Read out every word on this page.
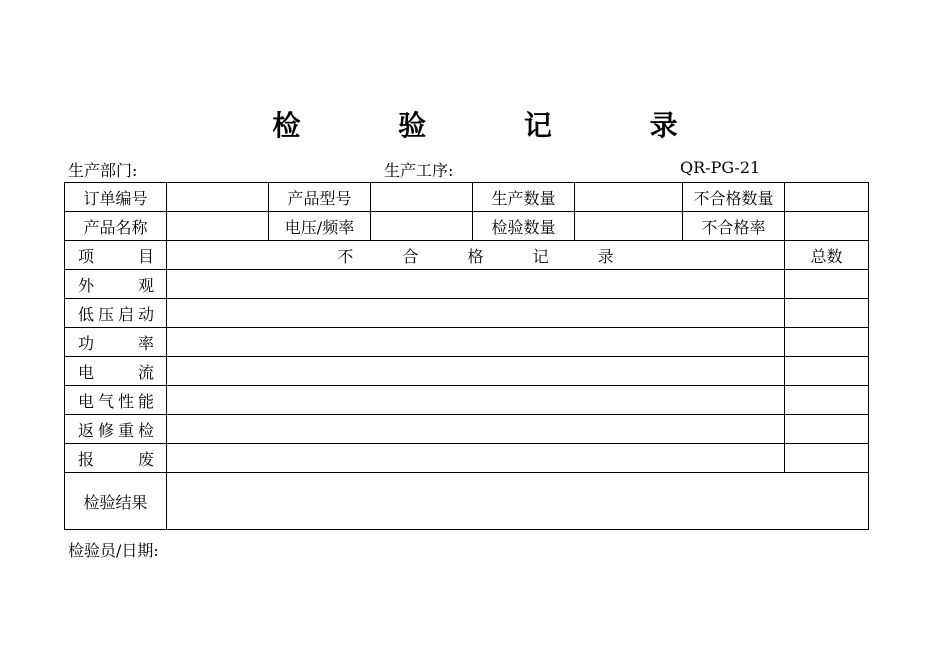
检 验 记 录
生产部门:	生产工序:	QR-PG-21
订单编号		产品型号		生产数量		不合格数量	
产品名称		电压/频率		检验数量		不合格率	
项 目	不 合 格 记 录						总数
外 观							
低压启动							
功 率							
电 流							
电气性能							
返修重检							
报 废							
检验结果							
检验员/日期:
